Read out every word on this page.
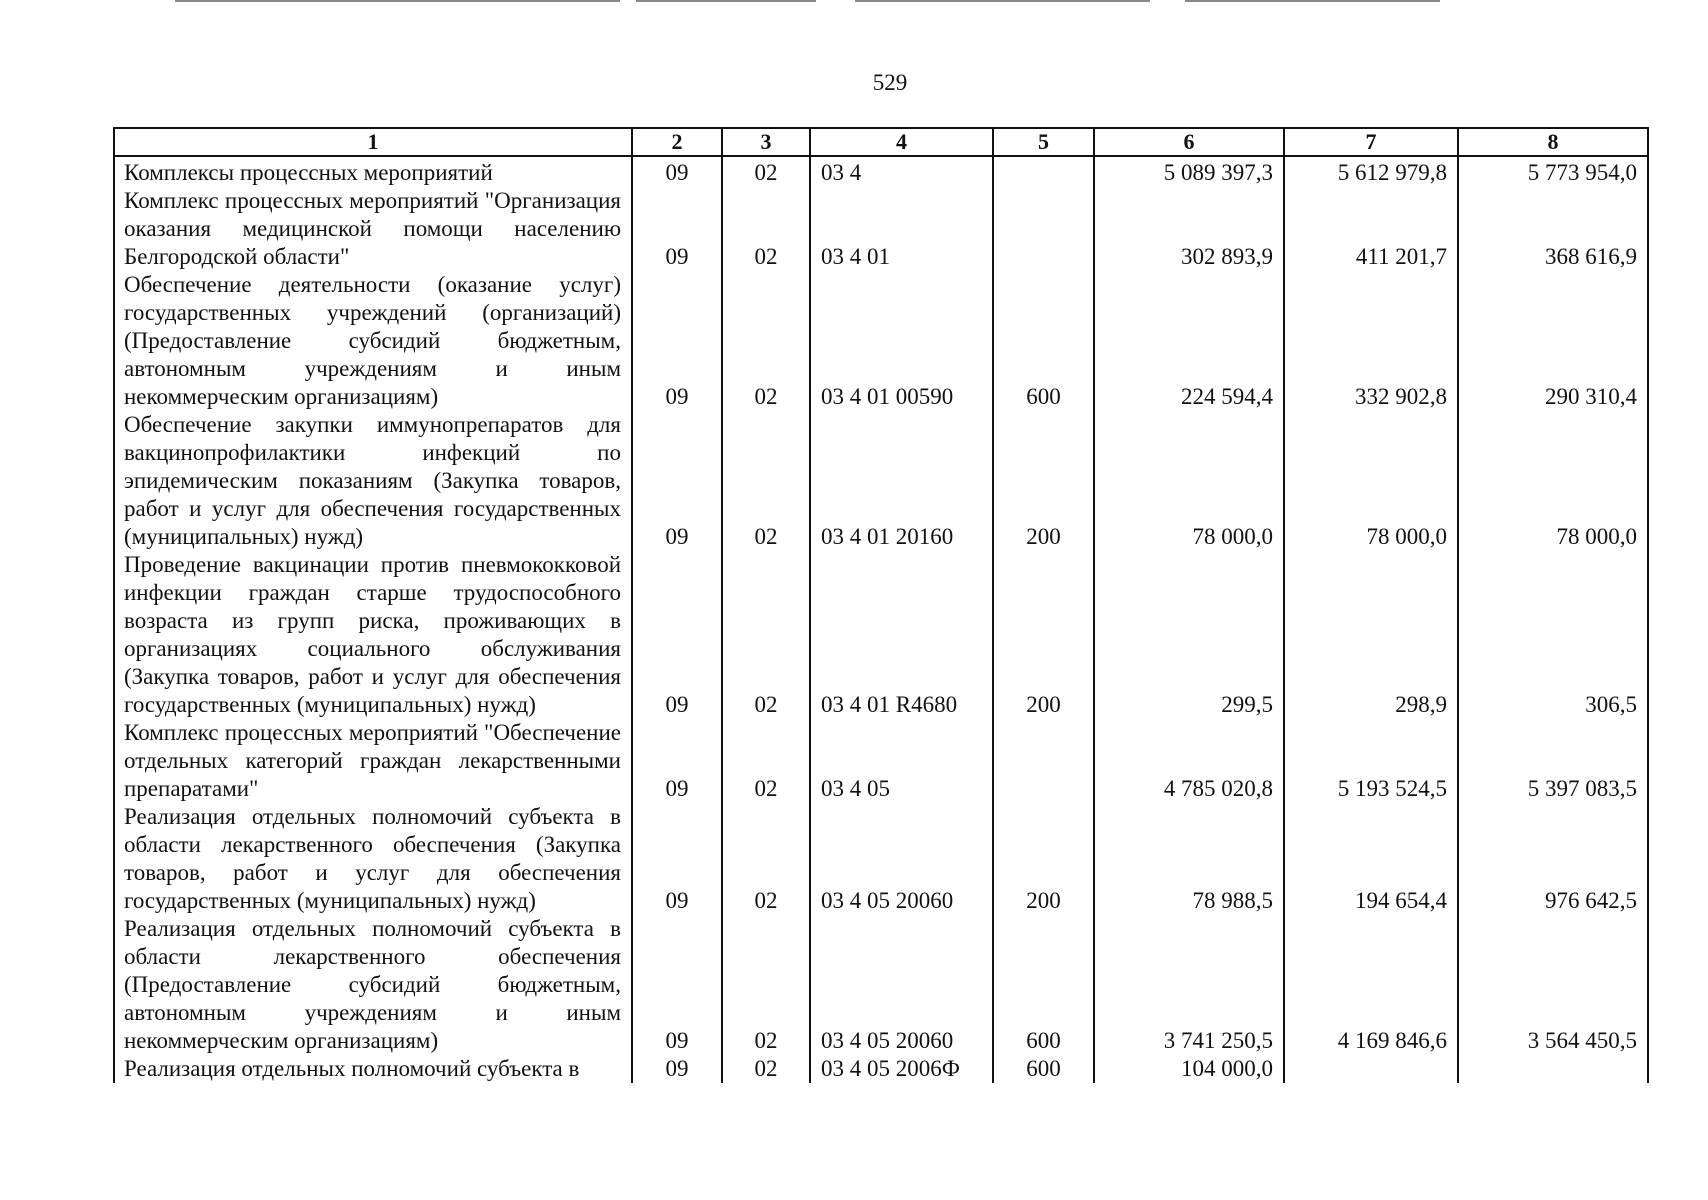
529
1	2	3	4	5	6	7	8
Комплексы процессных мероприятий	09	02	03 4		5 089 397,3	5 612 979,8	5 773 954,0
Комплекс процессных мероприятий "Организация оказания медицинской помощи населению Белгородской области"	09	02	03 4 01		302 893,9	411 201,7	368 616,9
Обеспечение деятельности (оказание услуг) государственных учреждений (организаций) (Предоставление субсидий бюджетным, автономным учреждениям и иным некоммерческим организациям)	09	02	03 4 01 00590	600	224 594,4	332 902,8	290 310,4
Обеспечение закупки иммунопрепаратов для вакцинопрофилактики инфекций по эпидемическим показаниям (Закупка товаров, работ и услуг для обеспечения государственных (муниципальных) нужд)	09	02	03 4 01 20160	200	78 000,0	78 000,0	78 000,0
Проведение вакцинации против пневмококковой инфекции граждан старше трудоспособного возраста из групп риска, проживающих в организациях социального обслуживания (Закупка товаров, работ и услуг для обеспечения государственных (муниципальных) нужд)	09	02	03 4 01 R4680	200	299,5	298,9	306,5
Комплекс процессных мероприятий "Обеспечение отдельных категорий граждан лекарственными препаратами"	09	02	03 4 05		4 785 020,8	5 193 524,5	5 397 083,5
Реализация отдельных полномочий субъекта в области лекарственного обеспечения (Закупка товаров, работ и услуг для обеспечения государственных (муниципальных) нужд)	09	02	03 4 05 20060	200	78 988,5	194 654,4	976 642,5
Реализация отдельных полномочий субъекта в области лекарственного обеспечения (Предоставление субсидий бюджетным, автономным учреждениям и иным некоммерческим организациям)	09	02	03 4 05 20060	600	3 741 250,5	4 169 846,6	3 564 450,5
Реализация отдельных полномочий субъекта в	09	02	03 4 05 2006Ф	600	104 000,0		
